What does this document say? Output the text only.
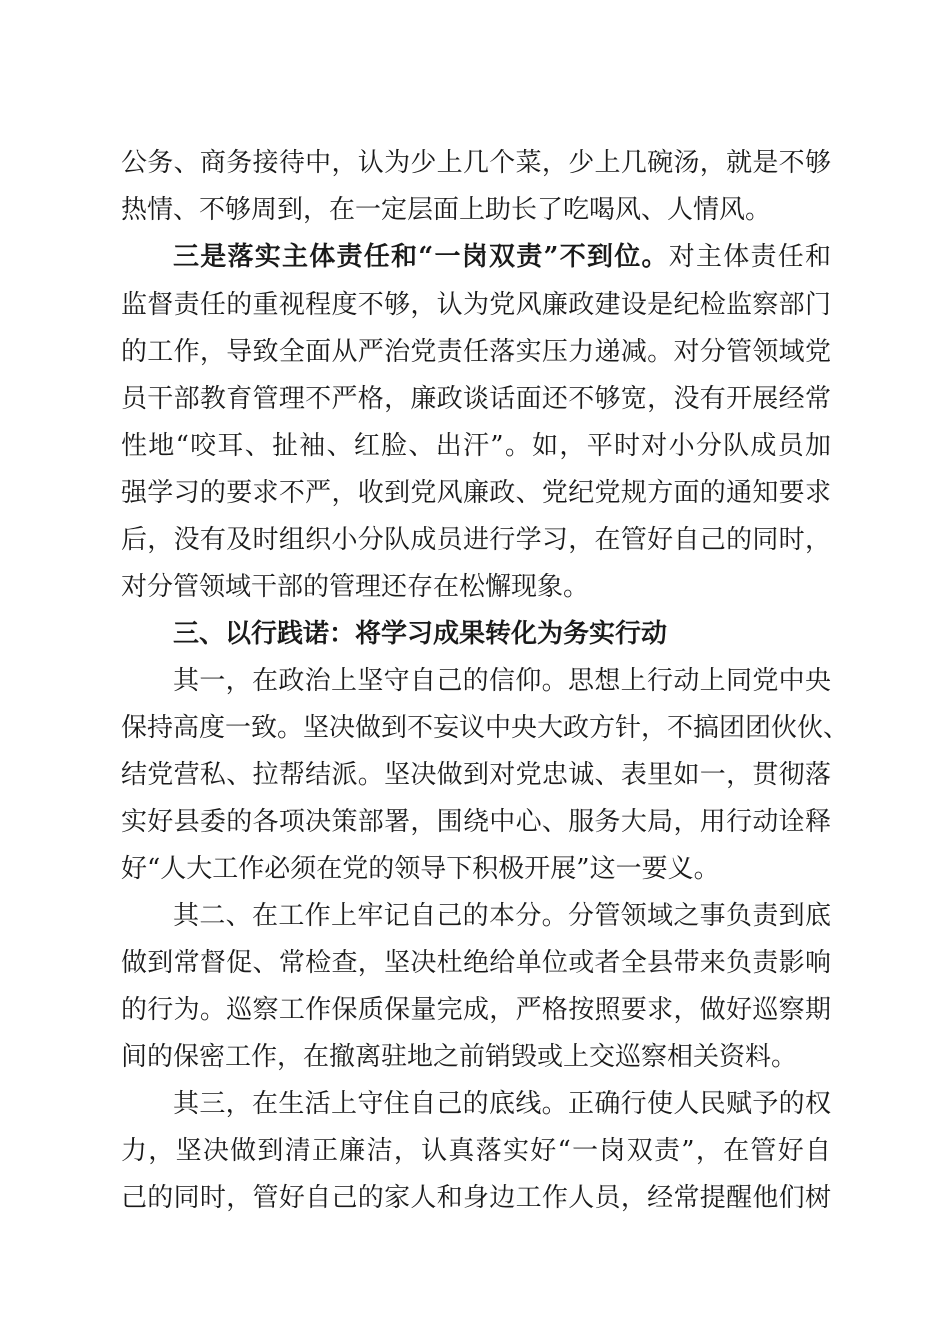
公务、商务接待中，认为少上几个菜，少上几碗汤，就是不够
热情、不够周到，在一定层面上助长了吃喝风、人情风。
三是落实主体责任和“一岗双责”不到位。对主体责任和
监督责任的重视程度不够，认为党风廉政建设是纪检监察部门
的工作，导致全面从严治党责任落实压力递减。对分管领域党
员干部教育管理不严格，廉政谈话面还不够宽，没有开展经常
性地“咬耳、扯袖、红脸、出汗”。如，平时对小分队成员加
强学习的要求不严，收到党风廉政、党纪党规方面的通知要求
后，没有及时组织小分队成员进行学习，在管好自己的同时，
对分管领域干部的管理还存在松懈现象。
三、以行践诺：将学习成果转化为务实行动
其一，在政治上坚守自己的信仰。思想上行动上同党中央
保持高度一致。坚决做到不妄议中央大政方针，不搞团团伙伙、
结党营私、拉帮结派。坚决做到对党忠诚、表里如一，贯彻落
实好县委的各项决策部署，围绕中心、服务大局，用行动诠释
好“人大工作必须在党的领导下积极开展”这一要义。
其二、在工作上牢记自己的本分。分管领域之事负责到底
做到常督促、常检查，坚决杜绝给单位或者全县带来负责影响
的行为。巡察工作保质保量完成，严格按照要求，做好巡察期
间的保密工作，在撤离驻地之前销毁或上交巡察相关资料。
其三，在生活上守住自己的底线。正确行使人民赋予的权
力，坚决做到清正廉洁，认真落实好“一岗双责”，在管好自
己的同时，管好自己的家人和身边工作人员，经常提醒他们树
